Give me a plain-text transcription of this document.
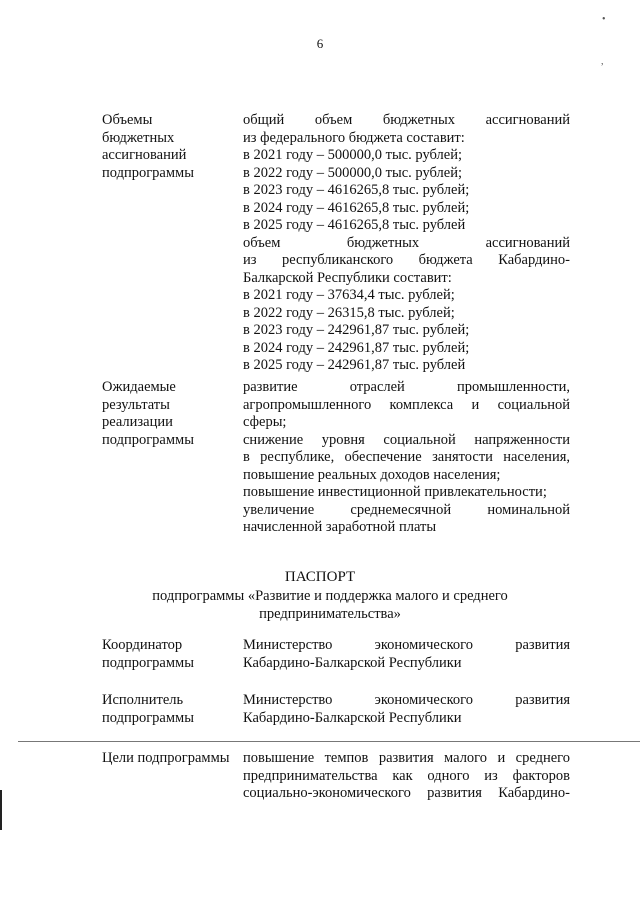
6
Объемы
бюджетных
ассигнований
подпрограммы
общий объем бюджетных ассигнований
из федерального бюджета составит:
в 2021 году – 500000,0 тыс. рублей;
в 2022 году – 500000,0 тыс. рублей;
в 2023 году – 4616265,8 тыс. рублей;
в 2024 году – 4616265,8 тыс. рублей;
в 2025 году – 4616265,8 тыс. рублей
объем бюджетных ассигнований
из республиканского бюджета Кабардино-
Балкарской Республики составит:
в 2021 году – 37634,4 тыс. рублей;
в 2022 году – 26315,8 тыс. рублей;
в 2023 году – 242961,87 тыс. рублей;
в 2024 году – 242961,87 тыс. рублей;
в 2025 году – 242961,87 тыс. рублей
Ожидаемые
результаты
реализации
подпрограммы
развитие отраслей промышленности,
агропромышленного комплекса и социальной
сферы;
снижение уровня социальной напряженности
в республике, обеспечение занятости населения,
повышение реальных доходов населения;
повышение инвестиционной привлекательности;
увеличение среднемесячной номинальной
начисленной заработной платы
ПАСПОРТ
подпрограммы «Развитие и поддержка малого и среднего предпринимательства»
Координатор
подпрограммы
Министерство экономического развития
Кабардино-Балкарской Республики
Исполнитель
подпрограммы
Министерство экономического развития
Кабардино-Балкарской Республики
Цели подпрограммы повышение темпов развития малого и среднего
предпринимательства как одного из факторов
социально-экономического развития Кабардино-
•
,
